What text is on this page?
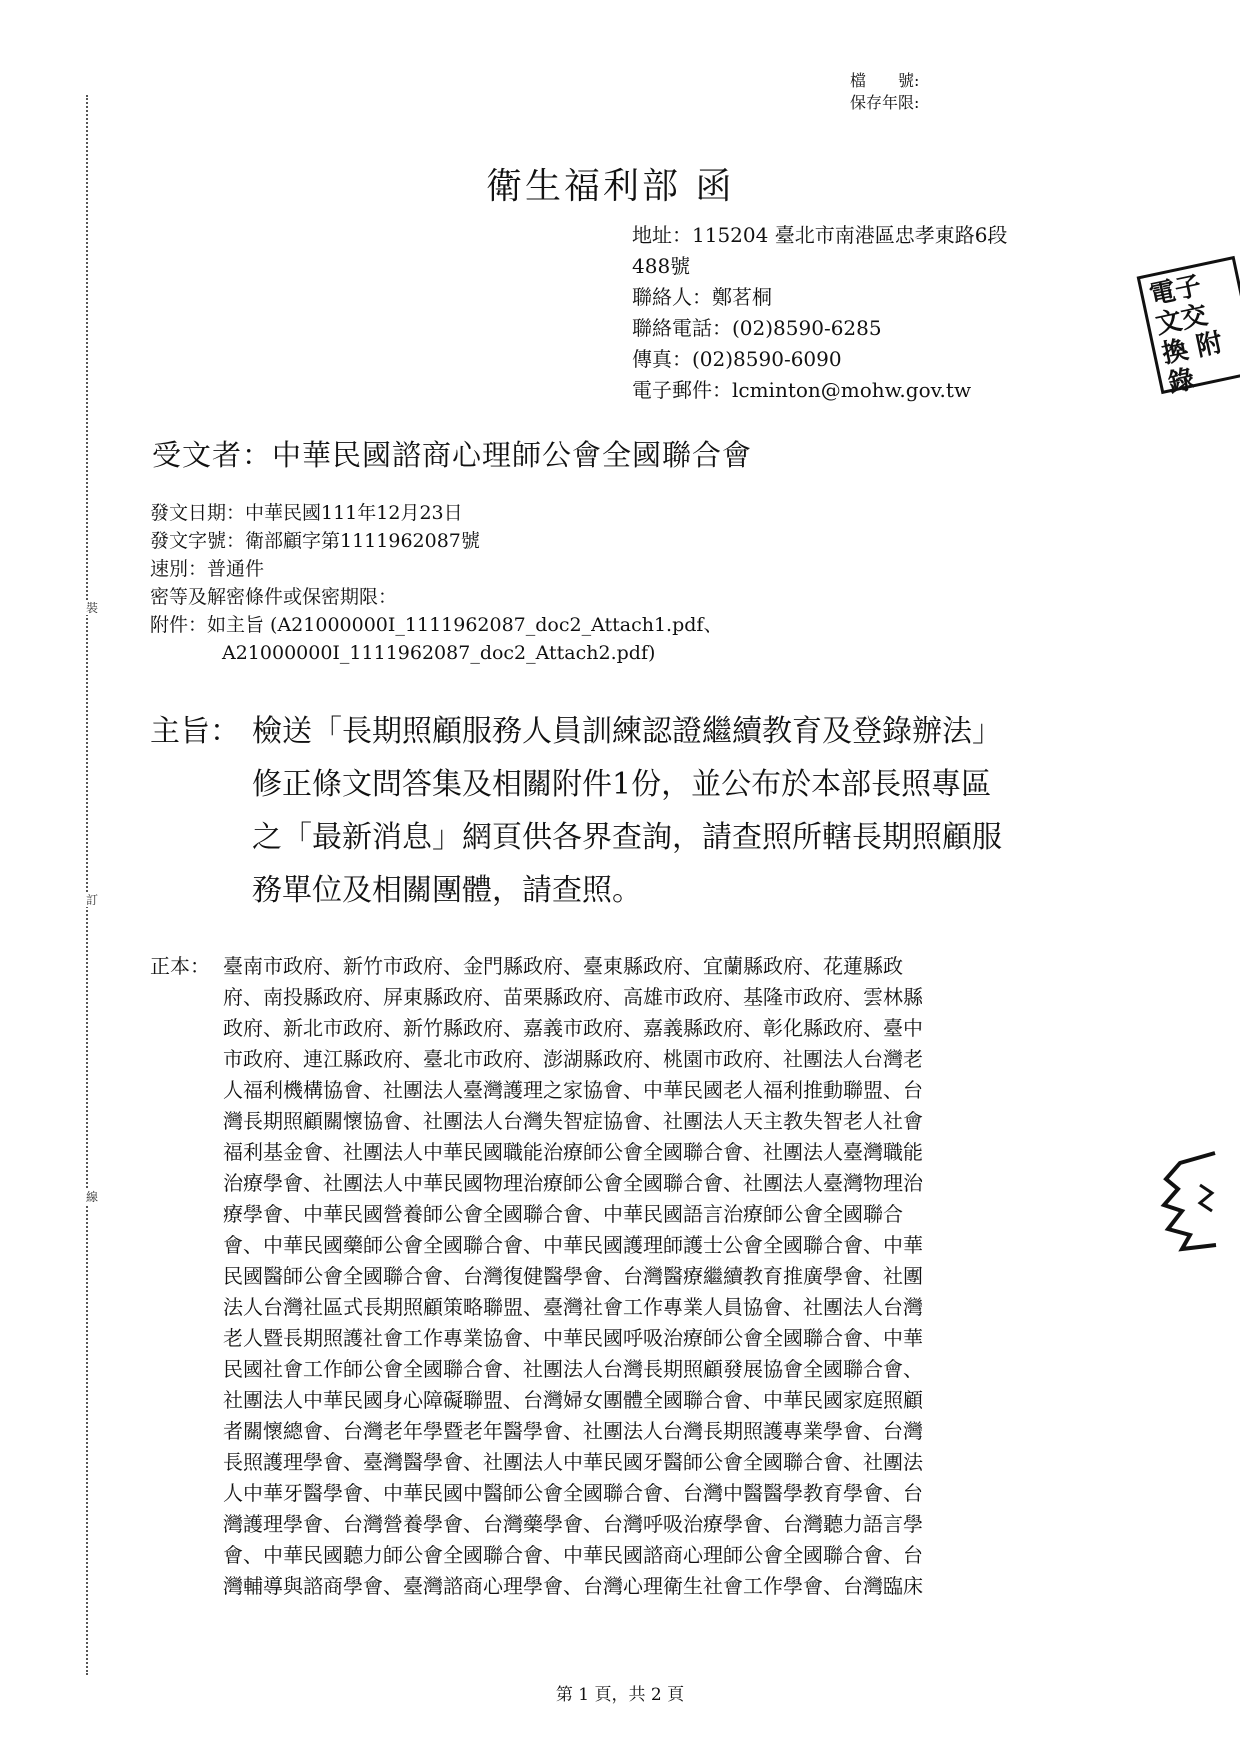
裝
訂
線
檔　　號:
保存年限:
衛生福利部 函
地址：115204 臺北市南港區忠孝東路6段
488號
聯絡人：鄭茗桐
聯絡電話：(02)8590-6285
傳真：(02)8590-6090
電子郵件：lcminton@mohw.gov.tw
電子
文交
換 附
錄
受文者：中華民國諮商心理師公會全國聯合會
發文日期：中華民國111年12月23日
發文字號：衛部顧字第1111962087號
速別：普通件
密等及解密條件或保密期限：
附件：如主旨 (A21000000I_1111962087_doc2_Attach1.pdf、
A21000000I_1111962087_doc2_Attach2.pdf)
主旨： 檢送「長期照顧服務人員訓練認證繼續教育及登錄辦法」
修正條文問答集及相關附件1份，並公布於本部長照專區
之「最新消息」網頁供各界查詢，請查照所轄長期照顧服
務單位及相關團體，請查照。
正本： 臺南市政府、新竹市政府、金門縣政府、臺東縣政府、宜蘭縣政府、花蓮縣政
府、南投縣政府、屏東縣政府、苗栗縣政府、高雄市政府、基隆市政府、雲林縣
政府、新北市政府、新竹縣政府、嘉義市政府、嘉義縣政府、彰化縣政府、臺中
市政府、連江縣政府、臺北市政府、澎湖縣政府、桃園市政府、社團法人台灣老
人福利機構協會、社團法人臺灣護理之家協會、中華民國老人福利推動聯盟、台
灣長期照顧關懷協會、社團法人台灣失智症協會、社團法人天主教失智老人社會
福利基金會、社團法人中華民國職能治療師公會全國聯合會、社團法人臺灣職能
治療學會、社團法人中華民國物理治療師公會全國聯合會、社團法人臺灣物理治
療學會、中華民國營養師公會全國聯合會、中華民國語言治療師公會全國聯合
會、中華民國藥師公會全國聯合會、中華民國護理師護士公會全國聯合會、中華
民國醫師公會全國聯合會、台灣復健醫學會、台灣醫療繼續教育推廣學會、社團
法人台灣社區式長期照顧策略聯盟、臺灣社會工作專業人員協會、社團法人台灣
老人暨長期照護社會工作專業協會、中華民國呼吸治療師公會全國聯合會、中華
民國社會工作師公會全國聯合會、社團法人台灣長期照顧發展協會全國聯合會、
社團法人中華民國身心障礙聯盟、台灣婦女團體全國聯合會、中華民國家庭照顧
者關懷總會、台灣老年學暨老年醫學會、社團法人台灣長期照護專業學會、台灣
長照護理學會、臺灣醫學會、社團法人中華民國牙醫師公會全國聯合會、社團法
人中華牙醫學會、中華民國中醫師公會全國聯合會、台灣中醫醫學教育學會、台
灣護理學會、台灣營養學會、台灣藥學會、台灣呼吸治療學會、台灣聽力語言學
會、中華民國聽力師公會全國聯合會、中華民國諮商心理師公會全國聯合會、台
灣輔導與諮商學會、臺灣諮商心理學會、台灣心理衛生社會工作學會、台灣臨床
第 1 頁，共 2 頁
